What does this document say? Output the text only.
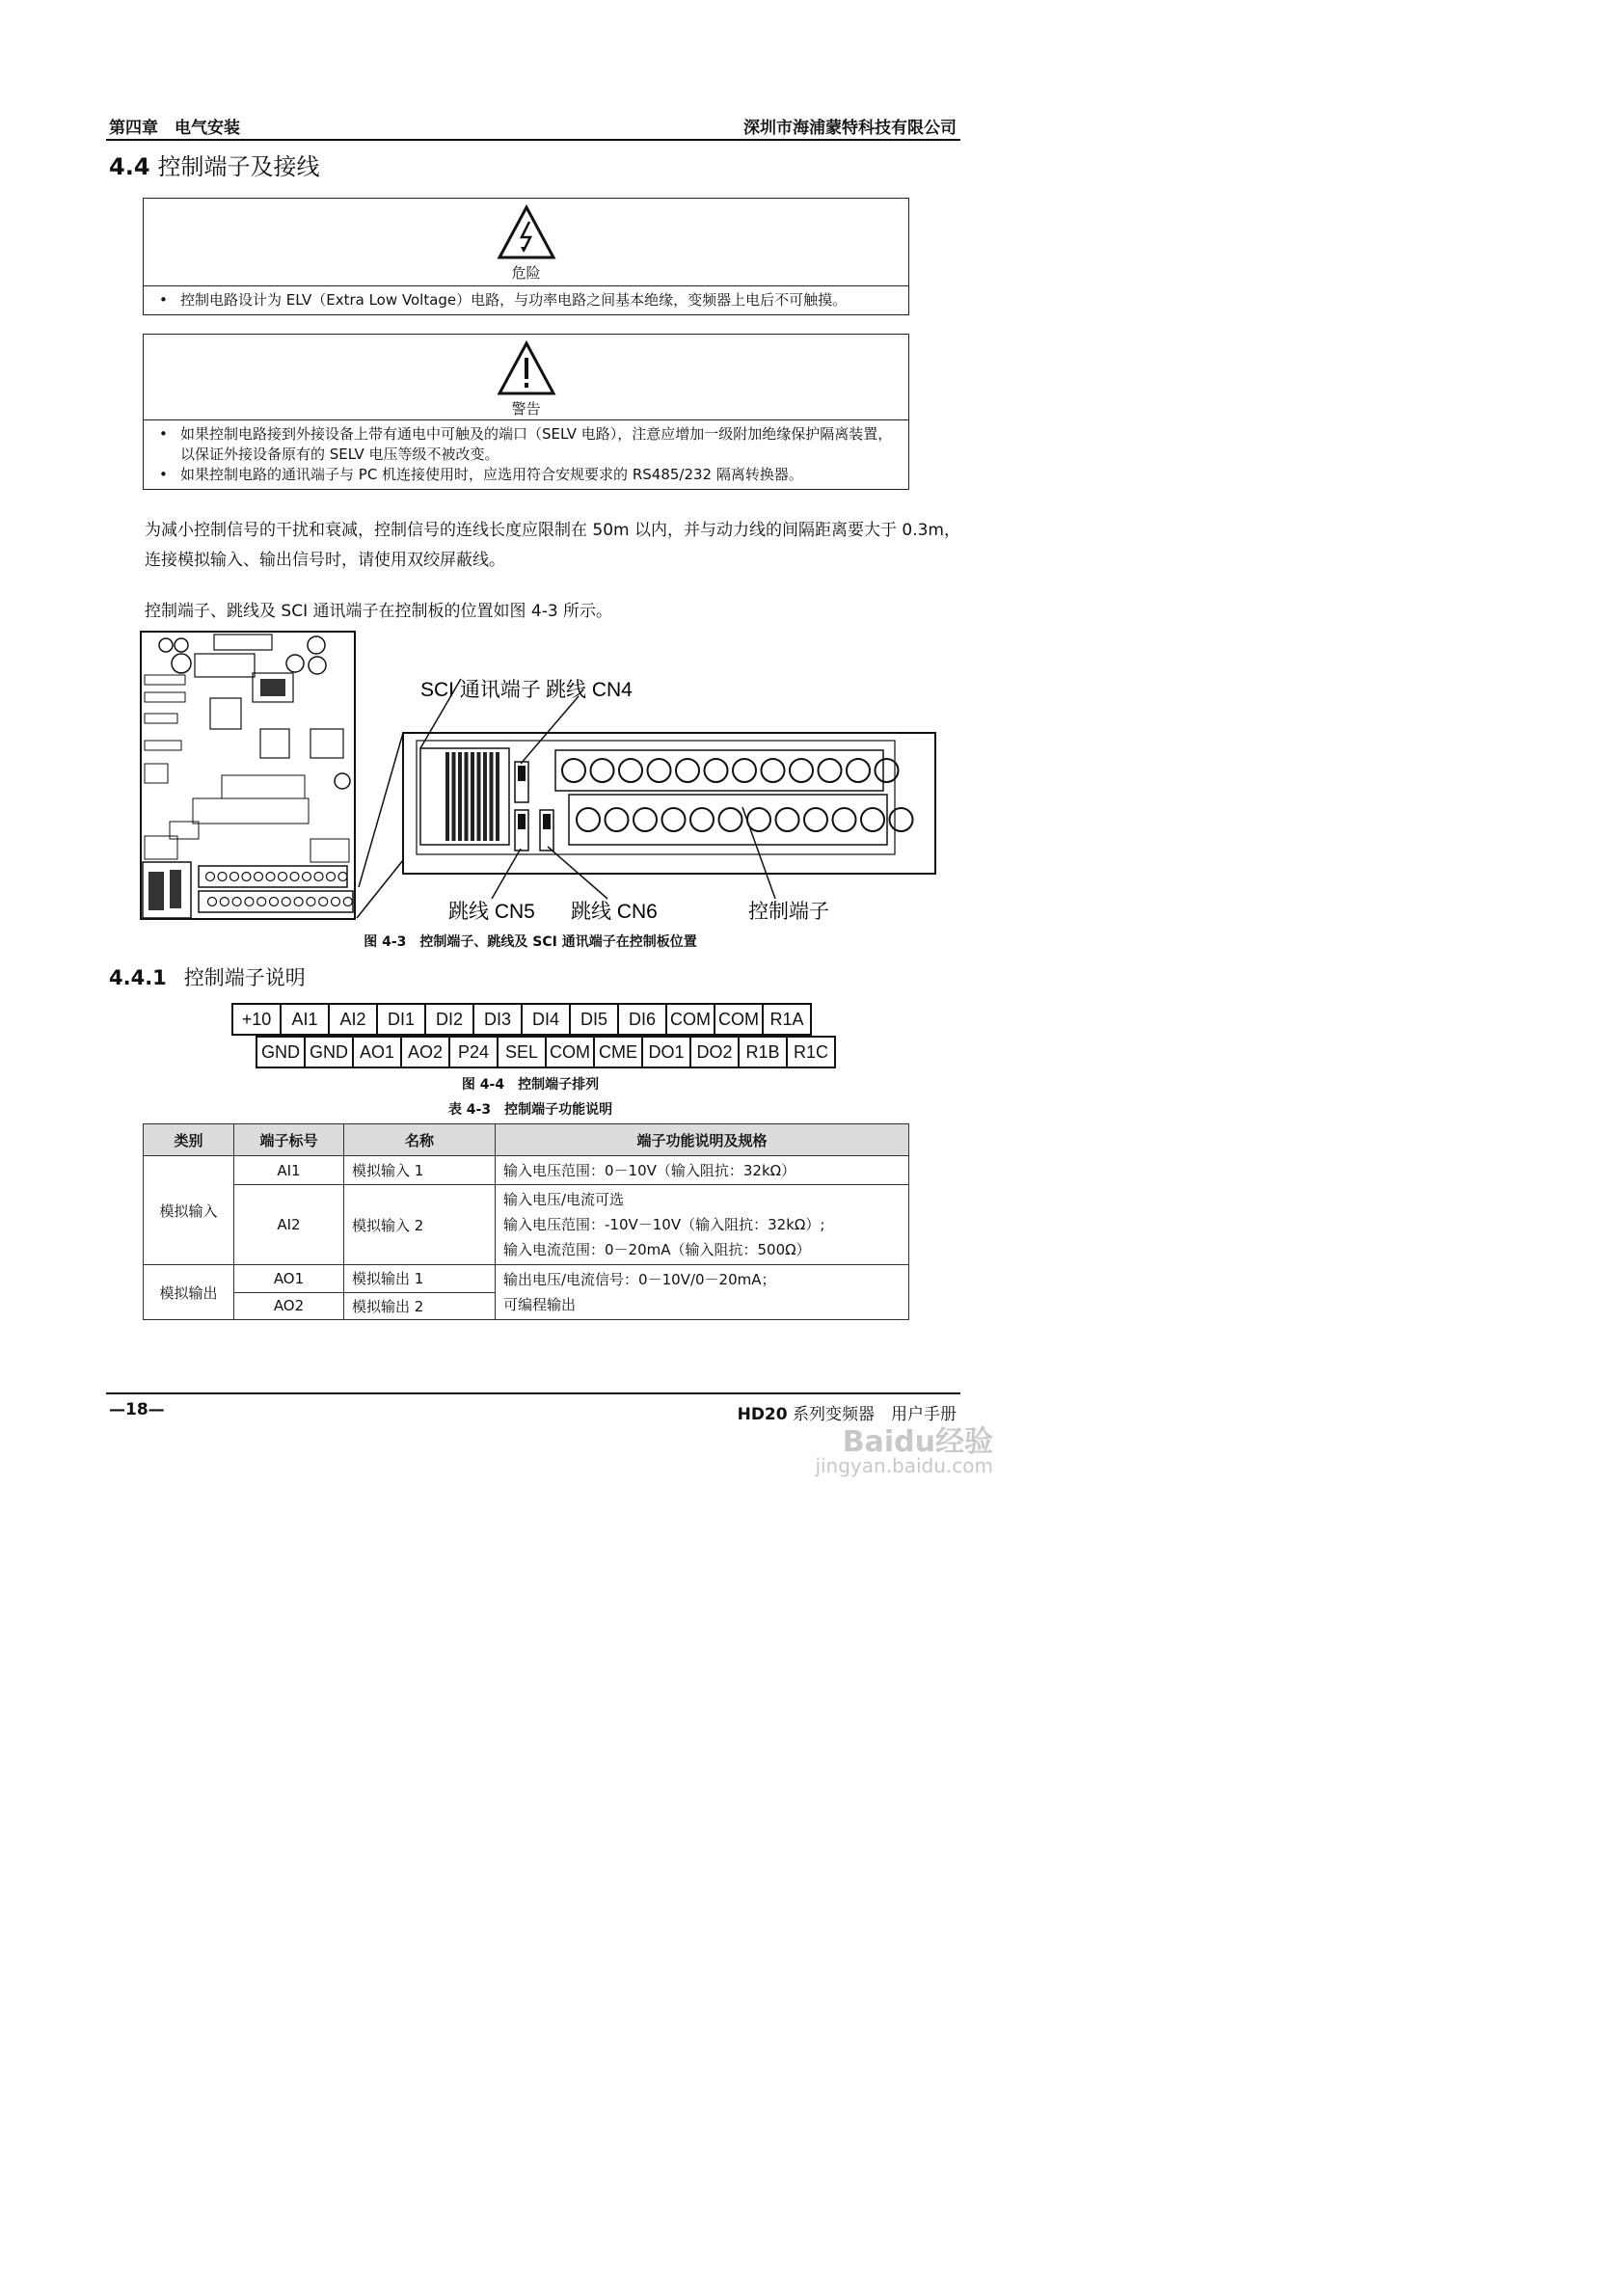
第四章　电气安装	深圳市海浦蒙特科技有限公司
4.4 控制端子及接线
危险
• 控制电路设计为 ELV（Extra Low Voltage）电路，与功率电路之间基本绝缘，变频器上电后不可触摸。
警告
• 如果控制电路接到外接设备上带有通电中可触及的端口（SELV 电路），注意应增加一级附加绝缘保护隔离装置，以保证外接设备原有的 SELV 电压等级不被改变。
• 如果控制电路的通讯端子与 PC 机连接使用时，应选用符合安规要求的 RS485/232 隔离转换器。
为减小控制信号的干扰和衰减，控制信号的连线长度应限制在 50m 以内，并与动力线的间隔距离要大于 0.3m，连接模拟输入、输出信号时，请使用双绞屏蔽线。
控制端子、跳线及 SCI 通讯端子在控制板的位置如图 4-3 所示。
SCI 通讯端子 跳线 CN4
跳线 CN5 跳线 CN6	控制端子
图 4-3　控制端子、跳线及 SCI 通讯端子在控制板位置
4.4.1 控制端子说明
+10	AI1	AI2	DI1	DI2	DI3	DI4	DI5	DI6 COM COM R1A
GND GND AO1 AO2 P24 SEL COM CME DO1 DO2 R1B R1C
图 4-4　控制端子排列
表 4-3　控制端子功能说明
类别	端子标号	名称	端子功能说明及规格
模拟输入	AI1	模拟输入 1	输入电压范围：0－10V（输入阻抗：32kΩ）
	AI2	模拟输入 2	输入电压/电流可选
输入电压范围：-10V－10V（输入阻抗：32kΩ）;
输入电流范围：0－20mA（输入阻抗：500Ω）

模拟输出	AO1	模拟输出 1	输出电压/电流信号：0－10V/0－20mA；
可编程输出

	AO2	模拟输出 2	
—18—	HD20 系列变频器　用户手册
Baidu经验
jingyan.baidu.com
